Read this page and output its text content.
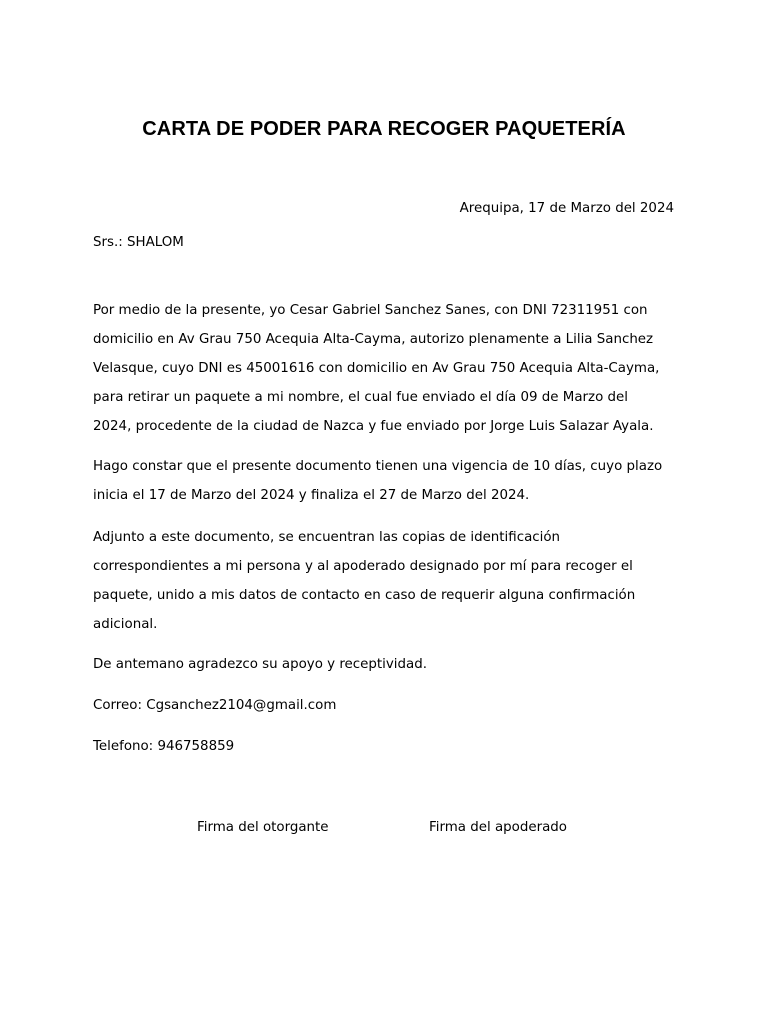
CARTA DE PODER PARA RECOGER PAQUETERÍA
Arequipa, 17 de Marzo del 2024
Srs.: SHALOM
Por medio de la presente, yo Cesar Gabriel Sanchez Sanes, con DNI 72311951 con
domicilio en Av Grau 750 Acequia Alta-Cayma, autorizo plenamente a Lilia Sanchez
Velasque, cuyo DNI es 45001616 con domicilio en Av Grau 750 Acequia Alta-Cayma,
para retirar un paquete a mi nombre, el cual fue enviado el día 09 de Marzo del
2024, procedente de la ciudad de Nazca y fue enviado por Jorge Luis Salazar Ayala.
Hago constar que el presente documento tienen una vigencia de 10 días, cuyo plazo
inicia el 17 de Marzo del 2024 y finaliza el 27 de Marzo del 2024.
Adjunto a este documento, se encuentran las copias de identificación
correspondientes a mi persona y al apoderado designado por mí para recoger el
paquete, unido a mis datos de contacto en caso de requerir alguna confirmación
adicional.
De antemano agradezco su apoyo y receptividad.
Correo: Cgsanchez2104@gmail.com
Telefono: 946758859
Firma del otorgante	Firma del apoderado
